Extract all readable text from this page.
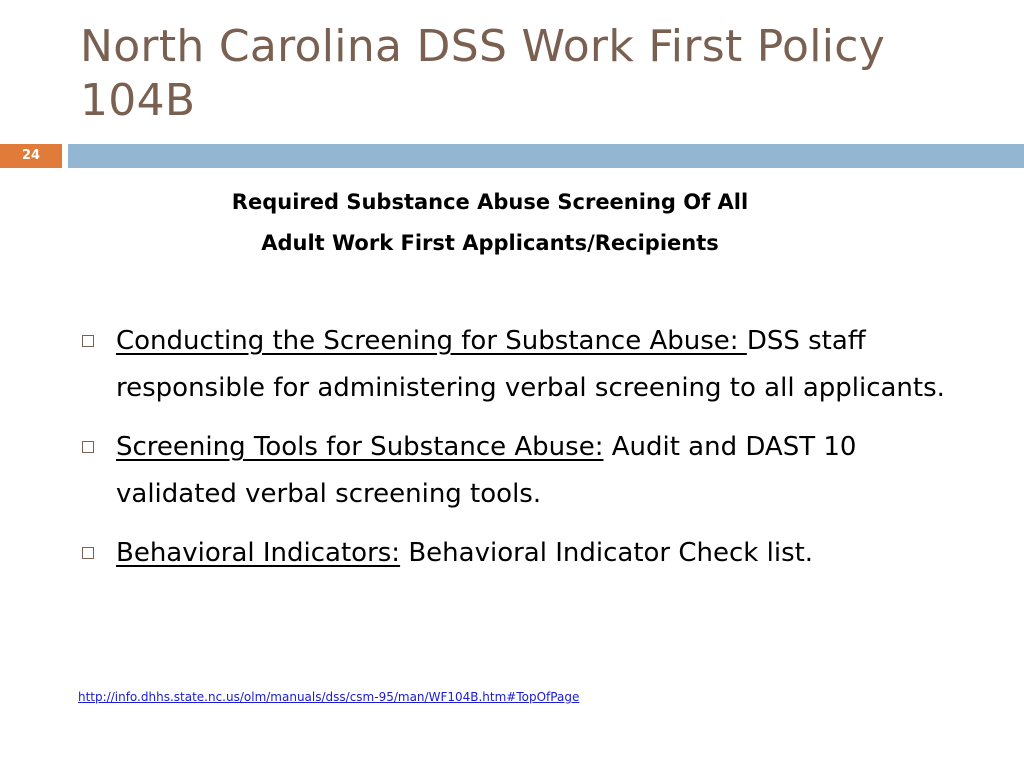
North Carolina DSS Work First Policy 104B
24
Required Substance Abuse Screening Of All
Adult Work First Applicants/Recipients
Conducting the Screening for Substance Abuse: DSS staff responsible for administering verbal screening to all applicants.
Screening Tools for Substance Abuse: Audit and DAST 10 validated verbal screening tools.
Behavioral Indicators: Behavioral Indicator Check list.
http://info.dhhs.state.nc.us/olm/manuals/dss/csm-95/man/WF104B.htm#TopOfPage
